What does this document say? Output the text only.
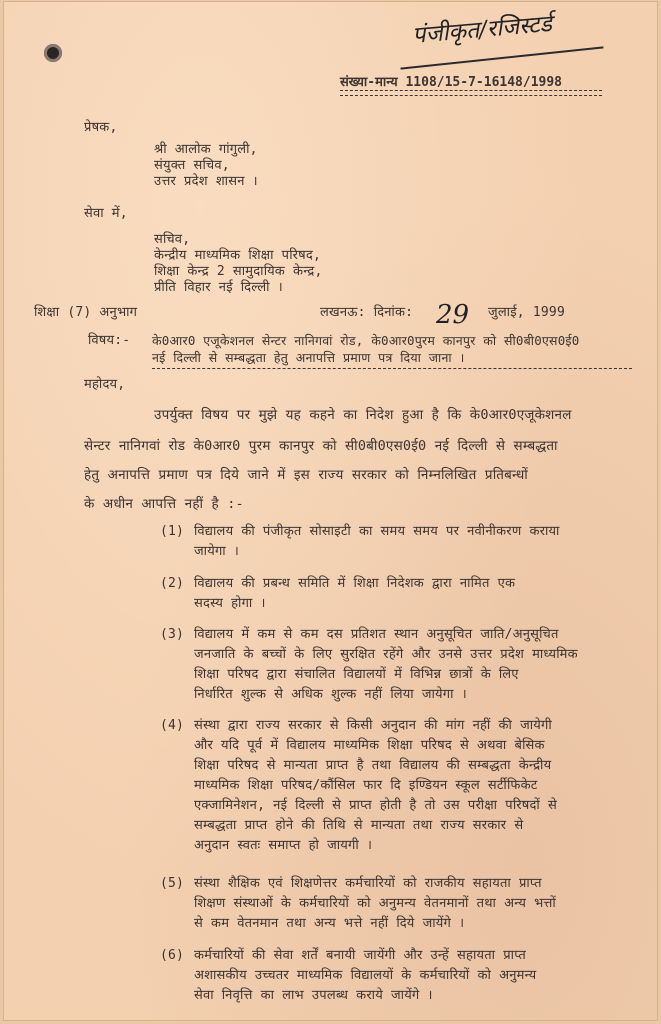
पंजीकृत/रजिस्टर्ड
संख्या-मान्य 1108/15-7-16148/1998
प्रेषक,
श्री आलोक गांगुली,
संयुक्त सचिव,
उत्तर प्रदेश शासन ।
सेवा में,
सचिव,
केन्द्रीय माध्यमिक शिक्षा परिषद,
शिक्षा केन्द्र 2 सामुदायिक केन्द्र,
प्रीति विहार नई दिल्ली ।
शिक्षा (7) अनुभाग	लखनऊ: दिनांक: 29 जुलाई, 1999
विषय:- के0आर0 एजूकेशनल सेन्टर नानिगवां रोड, के0आर0पुरम कानपुर को सी0बी0एस0ई0
नई दिल्ली से सम्बद्धता हेतु अनापत्ति प्रमाण पत्र दिया जाना ।
महोदय,
उपर्युक्त विषय पर मुझे यह कहने का निदेश हुआ है कि के0आर0एजूकेशनल
सेन्टर नानिगवां रोड के0आर0 पुरम कानपुर को सी0बी0एस0ई0 नई दिल्ली से सम्बद्धता
हेतु अनापत्ति प्रमाण पत्र दिये जाने में इस राज्य सरकार को निम्नलिखित प्रतिबन्धों
के अधीन आपत्ति नहीं है :-
(1) विद्यालय की पंजीकृत सोसाइटी का समय समय पर नवीनीकरण कराया
जायेगा ।
(2) विद्यालय की प्रबन्ध समिति में शिक्षा निदेशक द्वारा नामित एक
सदस्य होगा ।
(3) विद्यालय में कम से कम दस प्रतिशत स्थान अनुसूचित जाति/अनुसूचित
जनजाति के बच्चों के लिए सुरक्षित रहेंगे और उनसे उत्तर प्रदेश माध्यमिक
शिक्षा परिषद द्वारा संचालित विद्यालयों में विभिन्न छात्रों के लिए
निर्धारित शुल्क से अधिक शुल्क नहीं लिया जायेगा ।
(4) संस्था द्वारा राज्य सरकार से किसी अनुदान की मांग नहीं की जायेगी
और यदि पूर्व में विद्यालय माध्यमिक शिक्षा परिषद से अथवा बेसिक
शिक्षा परिषद से मान्यता प्राप्त है तथा विद्यालय की सम्बद्धता केन्द्रीय
माध्यमिक शिक्षा परिषद/कौंसिल फार दि इण्डियन स्कूल सर्टीफिकेट
एक्जामिनेशन, नई दिल्ली से प्राप्त होती है तो उस परीक्षा परिषदों से
सम्बद्धता प्राप्त होने की तिथि से मान्यता तथा राज्य सरकार से
अनुदान स्वतः समाप्त हो जायगी ।
(5) संस्था शैक्षिक एवं शिक्षणेत्तर कर्मचारियों को राजकीय सहायता प्राप्त
शिक्षण संस्थाओं के कर्मचारियों को अनुमन्य वेतनमानों तथा अन्य भत्तों
से कम वेतनमान तथा अन्य भत्ते नहीं दिये जायेंगे ।
(6) कर्मचारियों की सेवा शर्तें बनायी जायेंगी और उन्हें सहायता प्राप्त
अशासकीय उच्चतर माध्यमिक विद्यालयों के कर्मचारियों को अनुमन्य
सेवा निवृत्ति का लाभ उपलब्ध कराये जायेंगे ।
